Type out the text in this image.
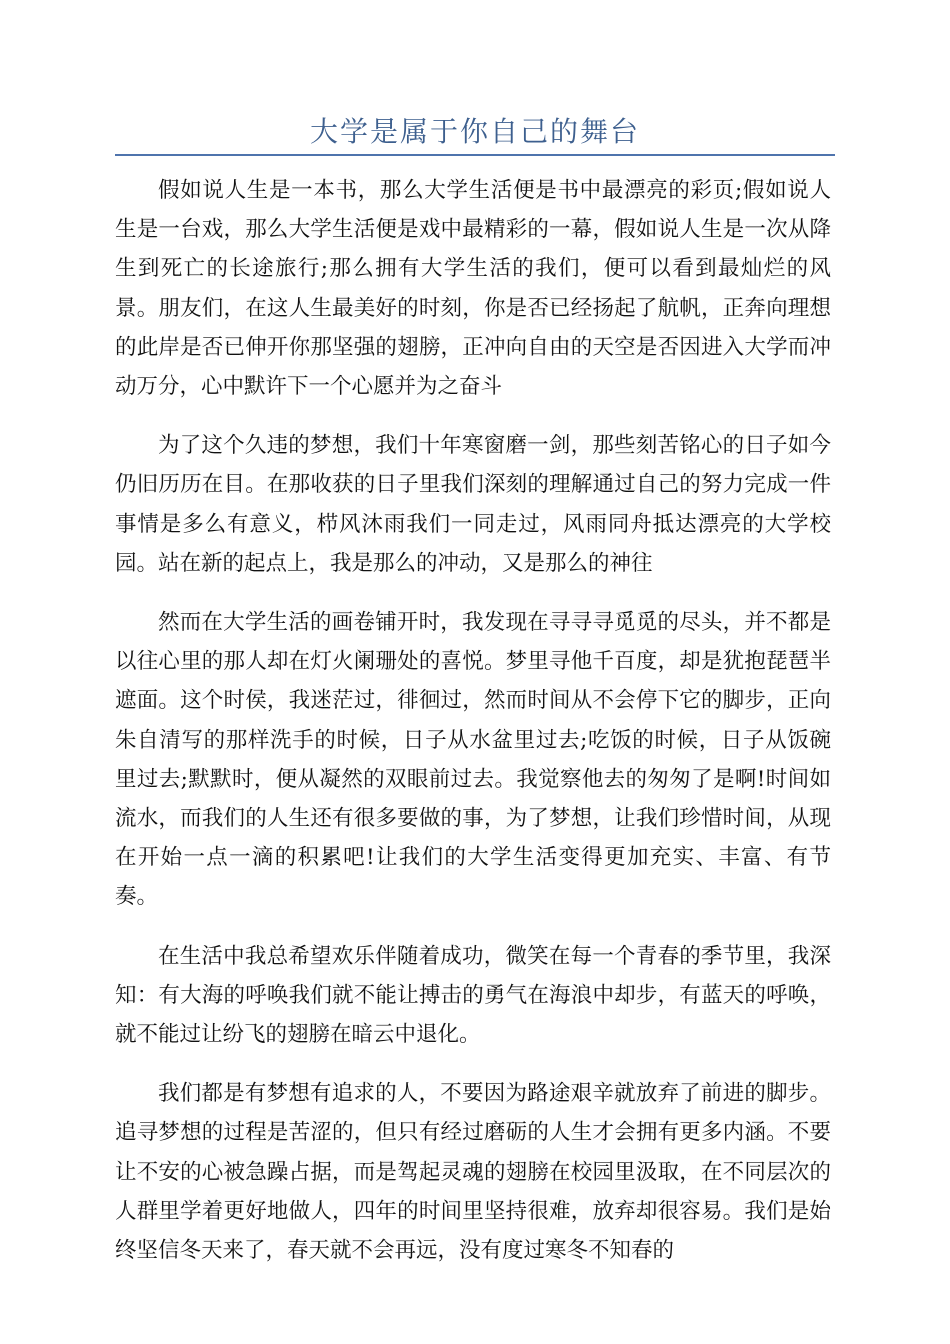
大学是属于你自己的舞台

假如说人生是一本书，那么大学生活便是书中最漂亮的彩页;假如说人生是一台戏，那么大学生活便是戏中最精彩的一幕，假如说人生是一次从降生到死亡的长途旅行;那么拥有大学生活的我们，便可以看到最灿烂的风景。朋友们，在这人生最美好的时刻，你是否已经扬起了航帆，正奔向理想的此岸是否已伸开你那坚强的翅膀，正冲向自由的天空是否因进入大学而冲动万分，心中默许下一个心愿并为之奋斗

为了这个久违的梦想，我们十年寒窗磨一剑，那些刻苦铭心的日子如今仍旧历历在目。在那收获的日子里我们深刻的理解通过自己的努力完成一件事情是多么有意义，栉风沐雨我们一同走过，风雨同舟抵达漂亮的大学校园。站在新的起点上，我是那么的冲动，又是那么的神往

然而在大学生活的画卷铺开时，我发现在寻寻寻觅觅的尽头，并不都是以往心里的那人却在灯火阑珊处的喜悦。梦里寻他千百度，却是犹抱琵琶半遮面。这个时侯，我迷茫过，徘徊过，然而时间从不会停下它的脚步，正向朱自清写的那样洗手的时候，日子从水盆里过去;吃饭的时候，日子从饭碗里过去;默默时，便从凝然的双眼前过去。我觉察他去的匆匆了是啊!时间如流水，而我们的人生还有很多要做的事，为了梦想，让我们珍惜时间，从现在开始一点一滴的积累吧!让我们的大学生活变得更加充实、丰富、有节奏。

在生活中我总希望欢乐伴随着成功，微笑在每一个青春的季节里，我深知：有大海的呼唤我们就不能让搏击的勇气在海浪中却步，有蓝天的呼唤，就不能过让纷飞的翅膀在暗云中退化。

我们都是有梦想有追求的人，不要因为路途艰辛就放弃了前进的脚步。追寻梦想的过程是苦涩的，但只有经过磨砺的人生才会拥有更多内涵。不要让不安的心被急躁占据，而是驾起灵魂的翅膀在校园里汲取，在不同层次的人群里学着更好地做人，四年的时间里坚持很难，放弃却很容易。我们是始终坚信冬天来了，春天就不会再远，没有度过寒冬不知春的
